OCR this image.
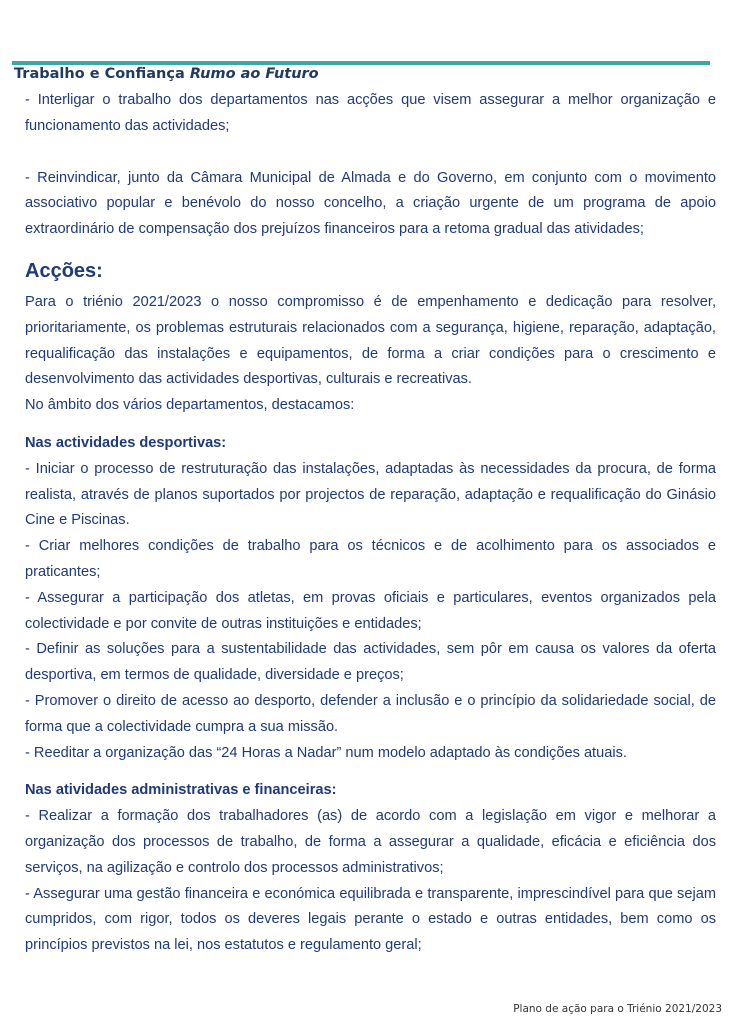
Trabalho e Confiança Rumo ao Futuro

- Interligar o trabalho dos departamentos nas acções que visem assegurar a melhor organização e funcionamento das actividades;

- Reinvindicar, junto da Câmara Municipal de Almada e do Governo, em conjunto com o movimento associativo popular e benévolo do nosso concelho, a criação urgente de um programa de apoio extraordinário de compensação dos prejuízos financeiros para a retoma gradual das atividades;

Acções:

Para o triénio 2021/2023 o nosso compromisso é de empenhamento e dedicação para resolver, prioritariamente, os problemas estruturais relacionados com a segurança, higiene, reparação, adaptação, requalificação das instalações e equipamentos, de forma a criar condições para o crescimento e desenvolvimento das actividades desportivas, culturais e recreativas.

No âmbito dos vários departamentos, destacamos:

Nas actividades desportivas:

- Iniciar o processo de restruturação das instalações, adaptadas às necessidades da procura, de forma realista, através de planos suportados por projectos de reparação, adaptação e requalificação do Ginásio Cine e Piscinas.

- Criar melhores condições de trabalho para os técnicos e de acolhimento para os associados e praticantes;

- Assegurar a participação dos atletas, em provas oficiais e particulares, eventos organizados pela colectividade e por convite de outras instituições e entidades;

- Definir as soluções para a sustentabilidade das actividades, sem pôr em causa os valores da oferta desportiva, em termos de qualidade, diversidade e preços;

- Promover o direito de acesso ao desporto, defender a inclusão e o princípio da solidariedade social, de forma que a colectividade cumpra a sua missão.

- Reeditar a organização das “24 Horas a Nadar” num modelo adaptado às condições atuais.

Nas atividades administrativas e financeiras:

- Realizar a formação dos trabalhadores (as) de acordo com a legislação em vigor e melhorar a organização dos processos de trabalho, de forma a assegurar a qualidade, eficácia e eficiência dos serviços, na agilização e controlo dos processos administrativos;

- Assegurar uma gestão financeira e económica equilibrada e transparente, imprescindível para que sejam cumpridos, com rigor, todos os deveres legais perante o estado e outras entidades, bem como os princípios previstos na lei, nos estatutos e regulamento geral;

Plano de ação para o Triénio 2021/2023
